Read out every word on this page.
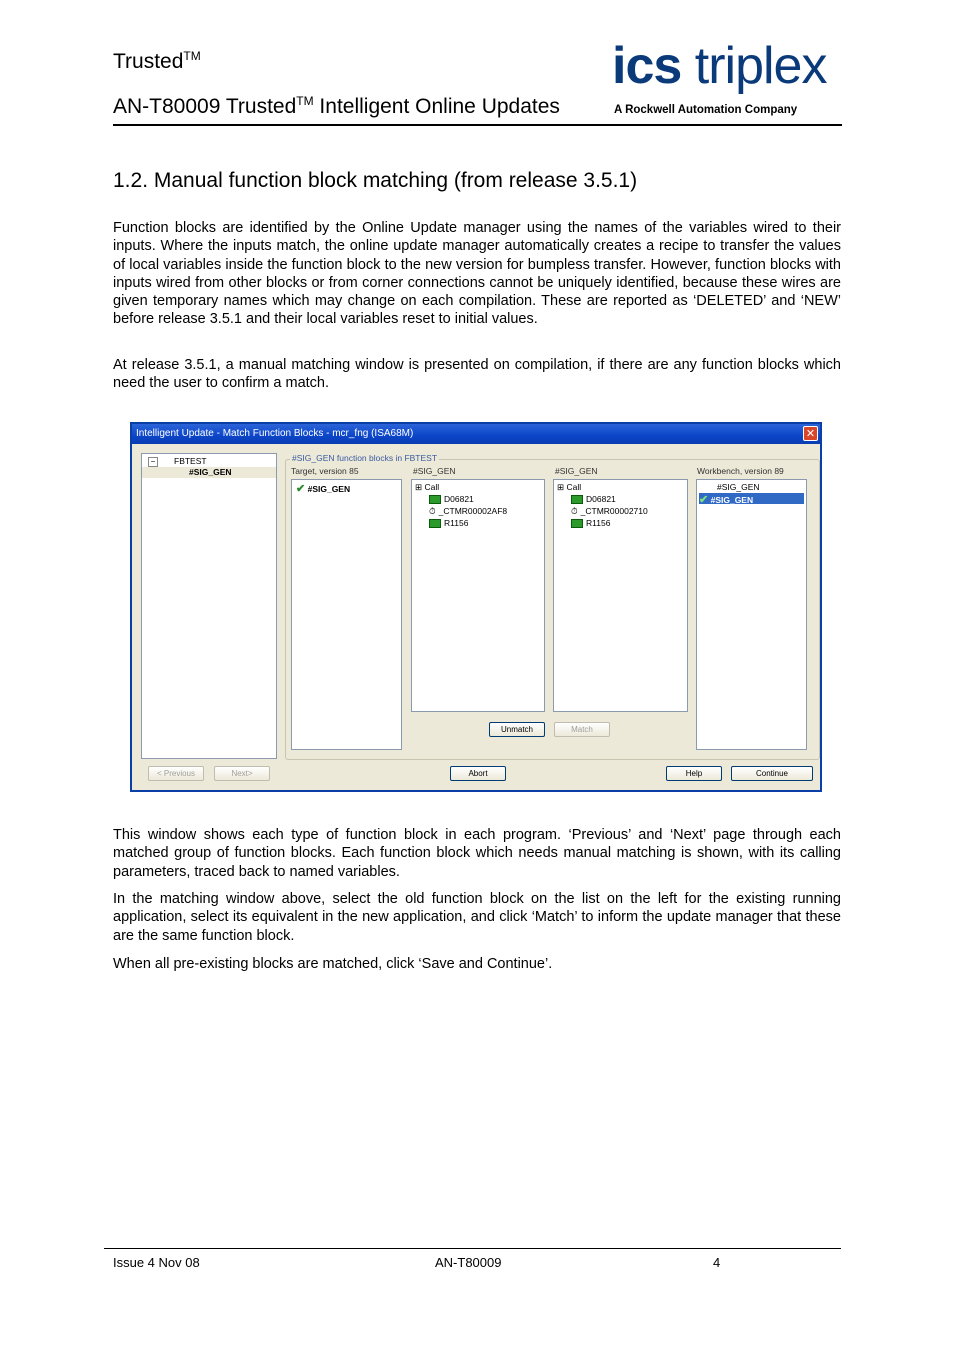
Trusted™
AN-T80009 Trusted™ Intelligent Online Updates
ics triplex
A Rockwell Automation Company
1.2. Manual function block matching (from release 3.5.1)

Function blocks are identified by the Online Update manager using the names of the variables wired to their inputs. Where the inputs match, the online update manager automatically creates a recipe to transfer the values of local variables inside the function block to the new version for bumpless transfer. However, function blocks with inputs wired from other blocks or from corner connections cannot be uniquely identified, because these wires are given temporary names which may change on each compilation. These are reported as ‘DELETED’ and ‘NEW’ before release 3.5.1 and their local variables reset to initial values.

At release 3.5.1, a manual matching window is presented on compilation, if there are any function blocks which need the user to confirm a match.

Intelligent Update - Match Function Blocks - mcr_fng (ISA68M)	✕
− FBTEST
#SIG_GEN
#SIG_GEN function blocks in FBTEST
Target, version 85
✔ #SIG_GEN
#SIG_GEN
⊞ Call
D06821
⏱ _CTMR00002AF8
R1156
#SIG_GEN
⊞ Call
D06821
⏱ _CTMR00002710
R1156
Workbench, version 89
#SIG_GEN
✔ #SIG_GEN
Unmatch	Match
< Previous	Next>	Abort	Help	Continue

This window shows each type of function block in each program. ‘Previous’ and ‘Next’ page through each matched group of function blocks. Each function block which needs manual matching is shown, with its calling parameters, traced back to named variables.

In the matching window above, select the old function block on the list on the left for the existing running application, select its equivalent in the new application, and click ‘Match’ to inform the update manager that these are the same function block.

When all pre-existing blocks are matched, click ‘Save and Continue’.

Issue 4 Nov 08	AN-T80009	4
